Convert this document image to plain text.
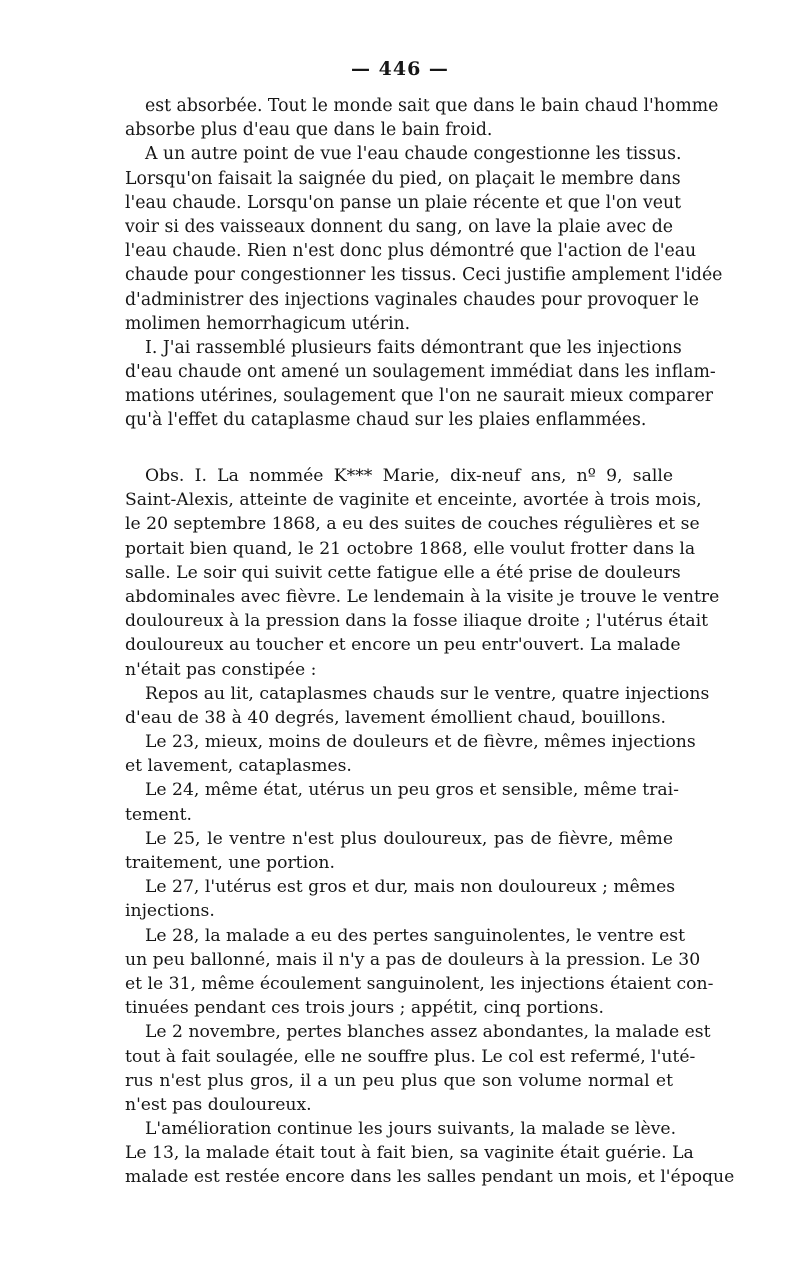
— 446 —
est absorbée. Tout le monde sait que dans le bain chaud l'homme
absorbe plus d'eau que dans le bain froid.
A un autre point de vue l'eau chaude congestionne les tissus.
Lorsqu'on faisait la saignée du pied, on plaçait le membre dans
l'eau chaude. Lorsqu'on panse un plaie récente et que l'on veut
voir si des vaisseaux donnent du sang, on lave la plaie avec de
l'eau chaude. Rien n'est donc plus démontré que l'action de l'eau
chaude pour congestionner les tissus. Ceci justifie amplement l'idée
d'administrer des injections vaginales chaudes pour provoquer le
molimen hemorrhagicum utérin.
I. J'ai rassemblé plusieurs faits démontrant que les injections
d'eau chaude ont amené un soulagement immédiat dans les inflam-
mations utérines, soulagement que l'on ne saurait mieux comparer
qu'à l'effet du cataplasme chaud sur les plaies enflammées.
Obs. I. La nommée K*** Marie, dix-neuf ans, nº 9, salle
Saint-Alexis, atteinte de vaginite et enceinte, avortée à trois mois,
le 20 septembre 1868, a eu des suites de couches régulières et se
portait bien quand, le 21 octobre 1868, elle voulut frotter dans la
salle. Le soir qui suivit cette fatigue elle a été prise de douleurs
abdominales avec fièvre. Le lendemain à la visite je trouve le ventre
douloureux à la pression dans la fosse iliaque droite ; l'utérus était
douloureux au toucher et encore un peu entr'ouvert. La malade
n'était pas constipée :
Repos au lit, cataplasmes chauds sur le ventre, quatre injections
d'eau de 38 à 40 degrés, lavement émollient chaud, bouillons.
Le 23, mieux, moins de douleurs et de fièvre, mêmes injections
et lavement, cataplasmes.
Le 24, même état, utérus un peu gros et sensible, même trai-
tement.
Le 25, le ventre n'est plus douloureux, pas de fièvre, même
traitement, une portion.
Le 27, l'utérus est gros et dur, mais non douloureux ; mêmes
injections.
Le 28, la malade a eu des pertes sanguinolentes, le ventre est
un peu ballonné, mais il n'y a pas de douleurs à la pression. Le 30
et le 31, même écoulement sanguinolent, les injections étaient con-
tinuées pendant ces trois jours ; appétit, cinq portions.
Le 2 novembre, pertes blanches assez abondantes, la malade est
tout à fait soulagée, elle ne souffre plus. Le col est refermé, l'uté-
rus n'est plus gros, il a un peu plus que son volume normal et
n'est pas douloureux.
L'amélioration continue les jours suivants, la malade se lève.
Le 13, la malade était tout à fait bien, sa vaginite était guérie. La
malade est restée encore dans les salles pendant un mois, et l'époque
